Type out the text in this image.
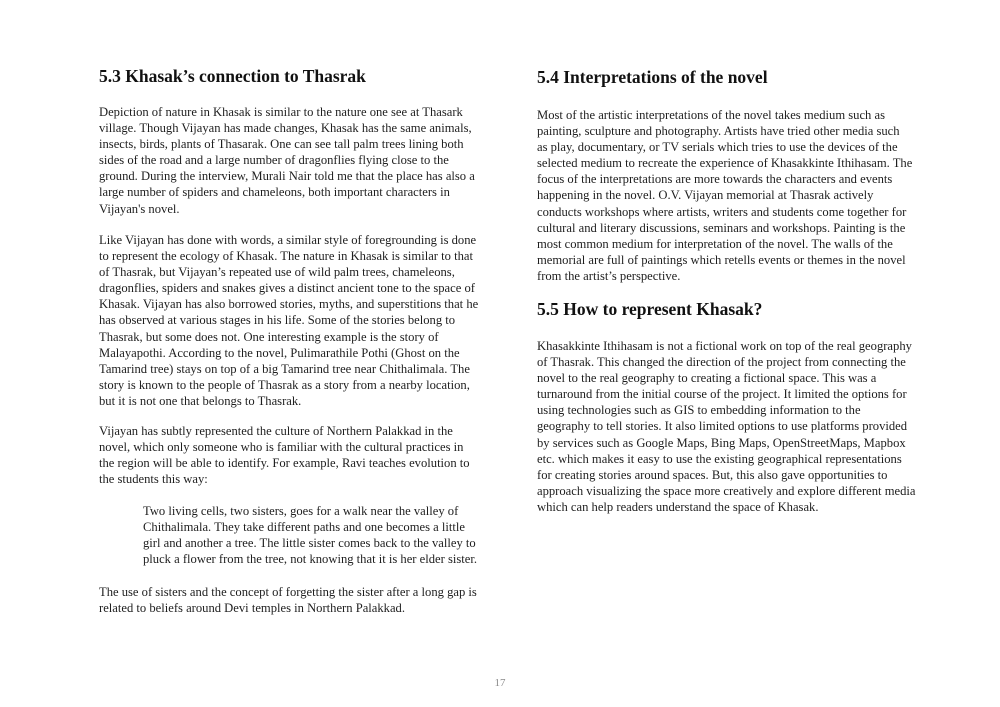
5.3 Khasak’s connection to Thasrak

Depiction of nature in Khasak is similar to the nature one see at Thasark
village. Though Vijayan has made changes, Khasak has the same animals,
insects, birds, plants of Thasarak. One can see tall palm trees lining both
sides of the road and a large number of dragonflies flying close to the
ground. During the interview, Murali Nair told me that the place has also a
large number of spiders and chameleons, both important characters in
Vijayan's novel.

Like Vijayan has done with words, a similar style of foregrounding is done
to represent the ecology of Khasak. The nature in Khasak is similar to that
of Thasrak, but Vijayan’s repeated use of wild palm trees, chameleons,
dragonflies, spiders and snakes gives a distinct ancient tone to the space of
Khasak. Vijayan has also borrowed stories, myths, and superstitions that he
has observed at various stages in his life. Some of the stories belong to
Thasrak, but some does not. One interesting example is the story of
Malayapothi. According to the novel, Pulimarathile Pothi (Ghost on the
Tamarind tree) stays on top of a big Tamarind tree near Chithalimala. The
story is known to the people of Thasrak as a story from a nearby location,
but it is not one that belongs to Thasrak.

Vijayan has subtly represented the culture of Northern Palakkad in the
novel, which only someone who is familiar with the cultural practices in
the region will be able to identify. For example, Ravi teaches evolution to
the students this way:

Two living cells, two sisters, goes for a walk near the valley of
Chithalimala. They take different paths and one becomes a little
girl and another a tree. The little sister comes back to the valley to
pluck a flower from the tree, not knowing that it is her elder sister.

The use of sisters and the concept of forgetting the sister after a long gap is
related to beliefs around Devi temples in Northern Palakkad.

5.4 Interpretations of the novel

Most of the artistic interpretations of the novel takes medium such as
painting, sculpture and photography. Artists have tried other media such
as play, documentary, or TV serials which tries to use the devices of the
selected medium to recreate the experience of Khasakkinte Ithihasam. The
focus of the interpretations are more towards the characters and events
happening in the novel. O.V. Vijayan memorial at Thasrak actively
conducts workshops where artists, writers and students come together for
cultural and literary discussions, seminars and workshops. Painting is the
most common medium for interpretation of the novel. The walls of the
memorial are full of paintings which retells events or themes in the novel
from the artist’s perspective.

5.5 How to represent Khasak?

Khasakkinte Ithihasam is not a fictional work on top of the real geography
of Thasrak. This changed the direction of the project from connecting the
novel to the real geography to creating a fictional space. This was a
turnaround from the initial course of the project. It limited the options for
using technologies such as GIS to embedding information to the
geography to tell stories. It also limited options to use platforms provided
by services such as Google Maps, Bing Maps, OpenStreetMaps, Mapbox
etc. which makes it easy to use the existing geographical representations
for creating stories around spaces. But, this also gave opportunities to
approach visualizing the space more creatively and explore different media
which can help readers understand the space of Khasak.

17
